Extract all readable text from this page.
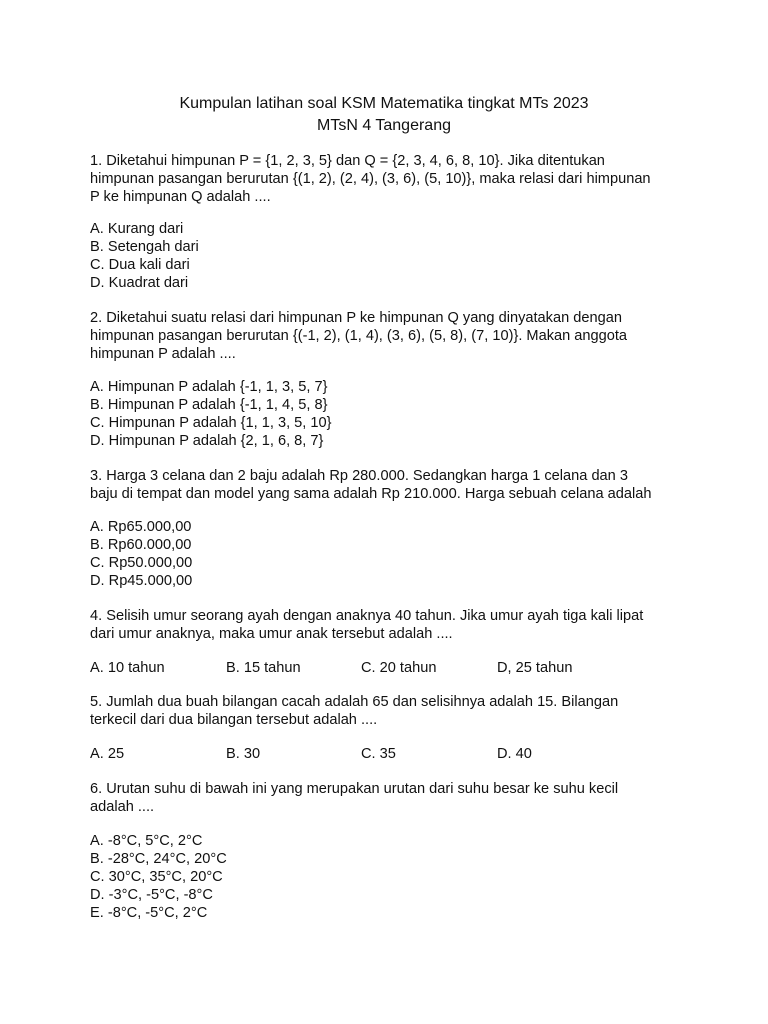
Kumpulan latihan soal KSM Matematika tingkat MTs 2023
MTsN 4 Tangerang
1. Diketahui himpunan P = {1, 2, 3, 5} dan Q = {2, 3, 4, 6, 8, 10}. Jika ditentukan
himpunan pasangan berurutan {(1, 2), (2, 4), (3, 6), (5, 10)}, maka relasi dari himpunan
P ke himpunan Q adalah ....
A. Kurang dari
B. Setengah dari
C. Dua kali dari
D. Kuadrat dari
2. Diketahui suatu relasi dari himpunan P ke himpunan Q yang dinyatakan dengan
himpunan pasangan berurutan {(-1, 2), (1, 4), (3, 6), (5, 8), (7, 10)}. Makan anggota
himpunan P adalah ....
A. Himpunan P adalah {-1, 1, 3, 5, 7}
B. Himpunan P adalah {-1, 1, 4, 5, 8}
C. Himpunan P adalah {1, 1, 3, 5, 10}
D. Himpunan P adalah {2, 1, 6, 8, 7}
3. Harga 3 celana dan 2 baju adalah Rp 280.000. Sedangkan harga 1 celana dan 3
baju di tempat dan model yang sama adalah Rp 210.000. Harga sebuah celana adalah
A. Rp65.000,00
B. Rp60.000,00
C. Rp50.000,00
D. Rp45.000,00
4. Selisih umur seorang ayah dengan anaknya 40 tahun. Jika umur ayah tiga kali lipat
dari umur anaknya, maka umur anak tersebut adalah ....
A. 10 tahun	B. 15 tahun	C. 20 tahun	D, 25 tahun
5. Jumlah dua buah bilangan cacah adalah 65 dan selisihnya adalah 15. Bilangan
terkecil dari dua bilangan tersebut adalah ....
A. 25	B. 30	C. 35	D. 40
6. Urutan suhu di bawah ini yang merupakan urutan dari suhu besar ke suhu kecil
adalah ....
A. -8°C, 5°C, 2°C
B. -28°C, 24°C, 20°C
C. 30°C, 35°C, 20°C
D. -3°C, -5°C, -8°C
E. -8°C, -5°C, 2°C
